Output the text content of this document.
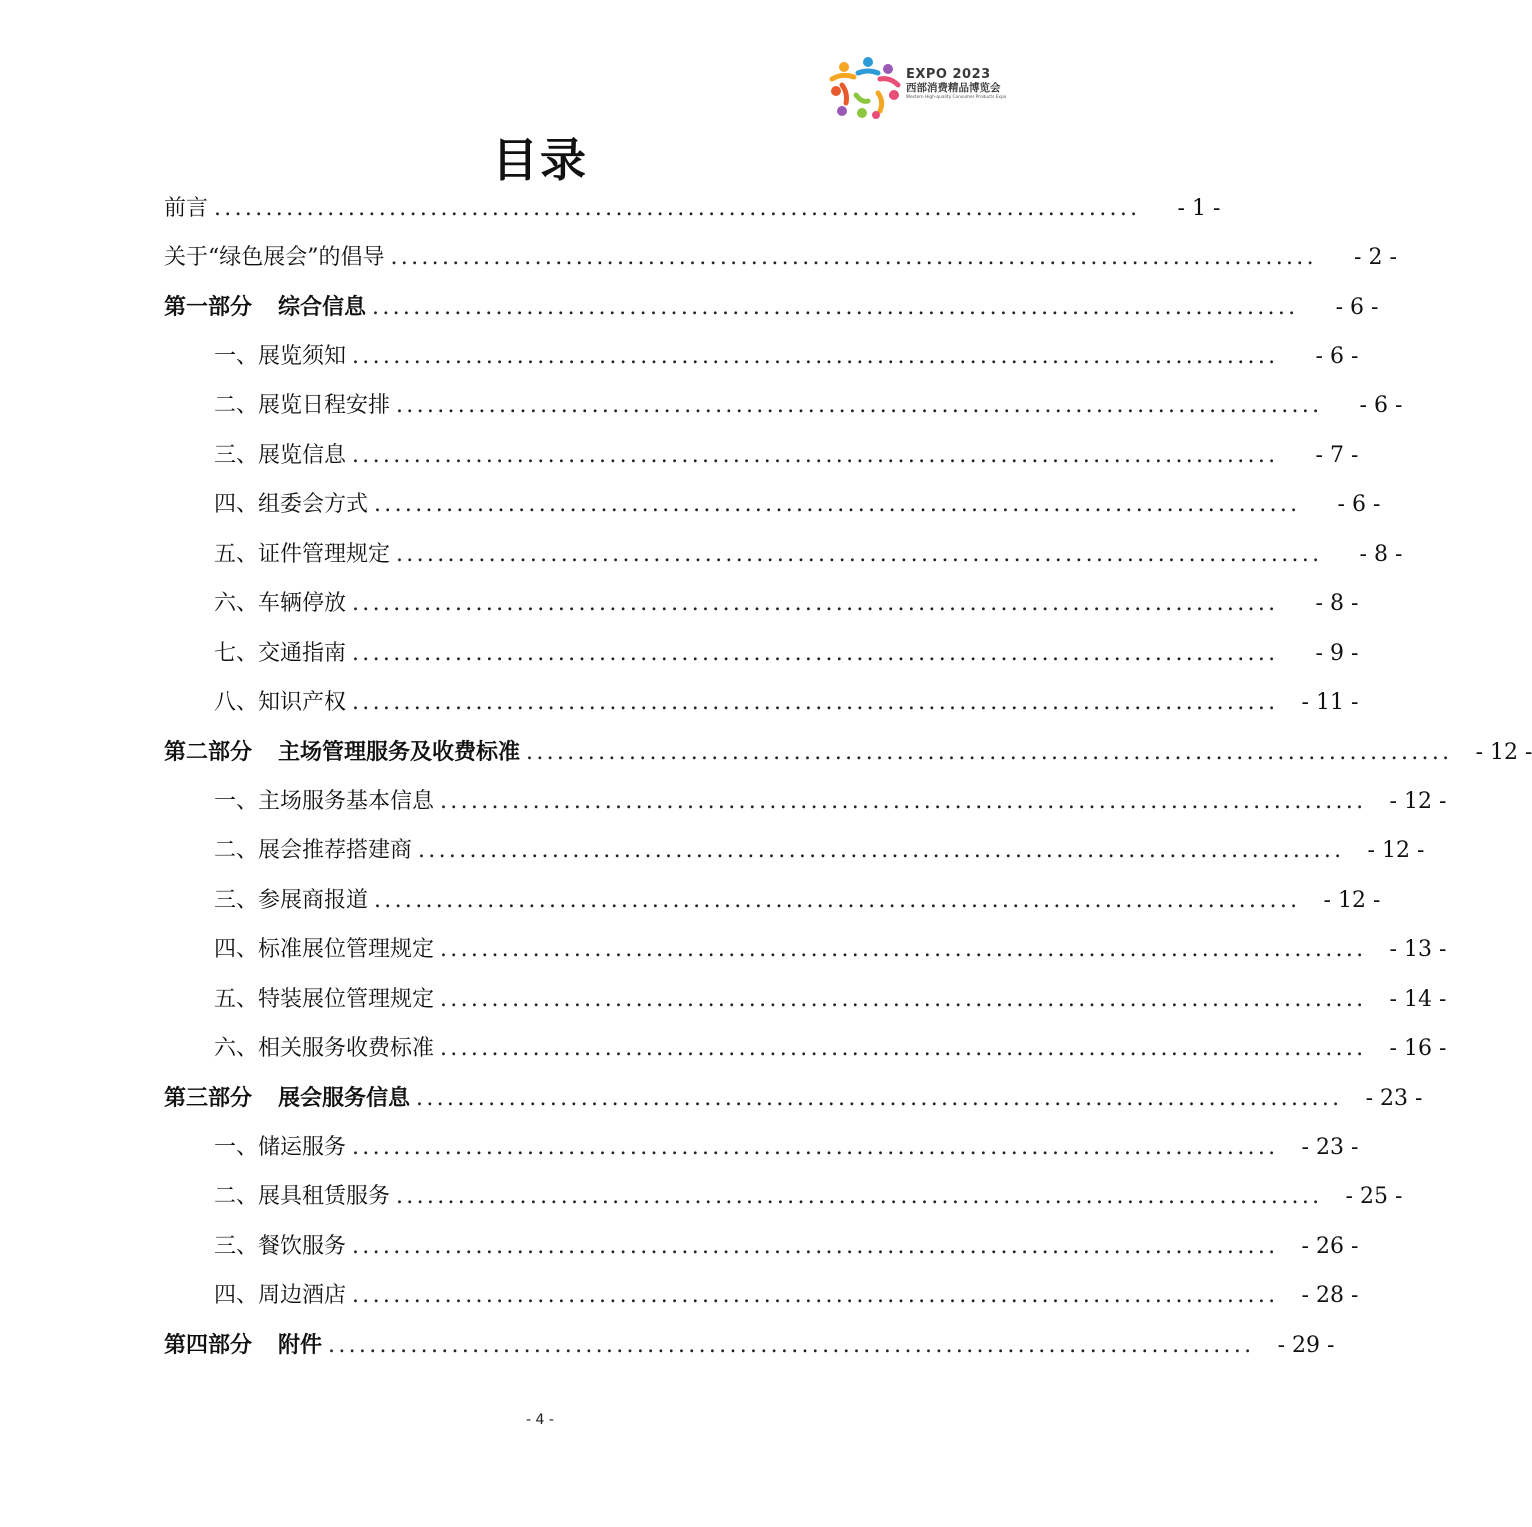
EXPO 2023
西部消费精品博览会
Western High-quality Consumer Products Expo
目录
前言 ..........................................................................................	- 1 -
关于“绿色展会”的倡导 ..........................................................................................	- 2 -
第一部分 综合信息 ..........................................................................................	- 6 -
一、展览须知 ..........................................................................................	- 6 -
二、展览日程安排 ..........................................................................................	- 6 -
三、展览信息 ..........................................................................................	- 7 -
四、组委会方式 ..........................................................................................	- 6 -
五、证件管理规定 ..........................................................................................	- 8 -
六、车辆停放 ..........................................................................................	- 8 -
七、交通指南 ..........................................................................................	- 9 -
八、知识产权 ..........................................................................................	- 11 -
第二部分 主场管理服务及收费标准 ..........................................................................................	- 12 -
一、主场服务基本信息 ..........................................................................................	- 12 -
二、展会推荐搭建商 ..........................................................................................	- 12 -
三、参展商报道 ..........................................................................................	- 12 -
四、标准展位管理规定 ..........................................................................................	- 13 -
五、特装展位管理规定 ..........................................................................................	- 14 -
六、相关服务收费标准 ..........................................................................................	- 16 -
第三部分 展会服务信息 ..........................................................................................	- 23 -
一、储运服务 ..........................................................................................	- 23 -
二、展具租赁服务 ..........................................................................................	- 25 -
三、餐饮服务 ..........................................................................................	- 26 -
四、周边酒店 ..........................................................................................	- 28 -
第四部分 附件 ..........................................................................................	- 29 -
- 4 -
